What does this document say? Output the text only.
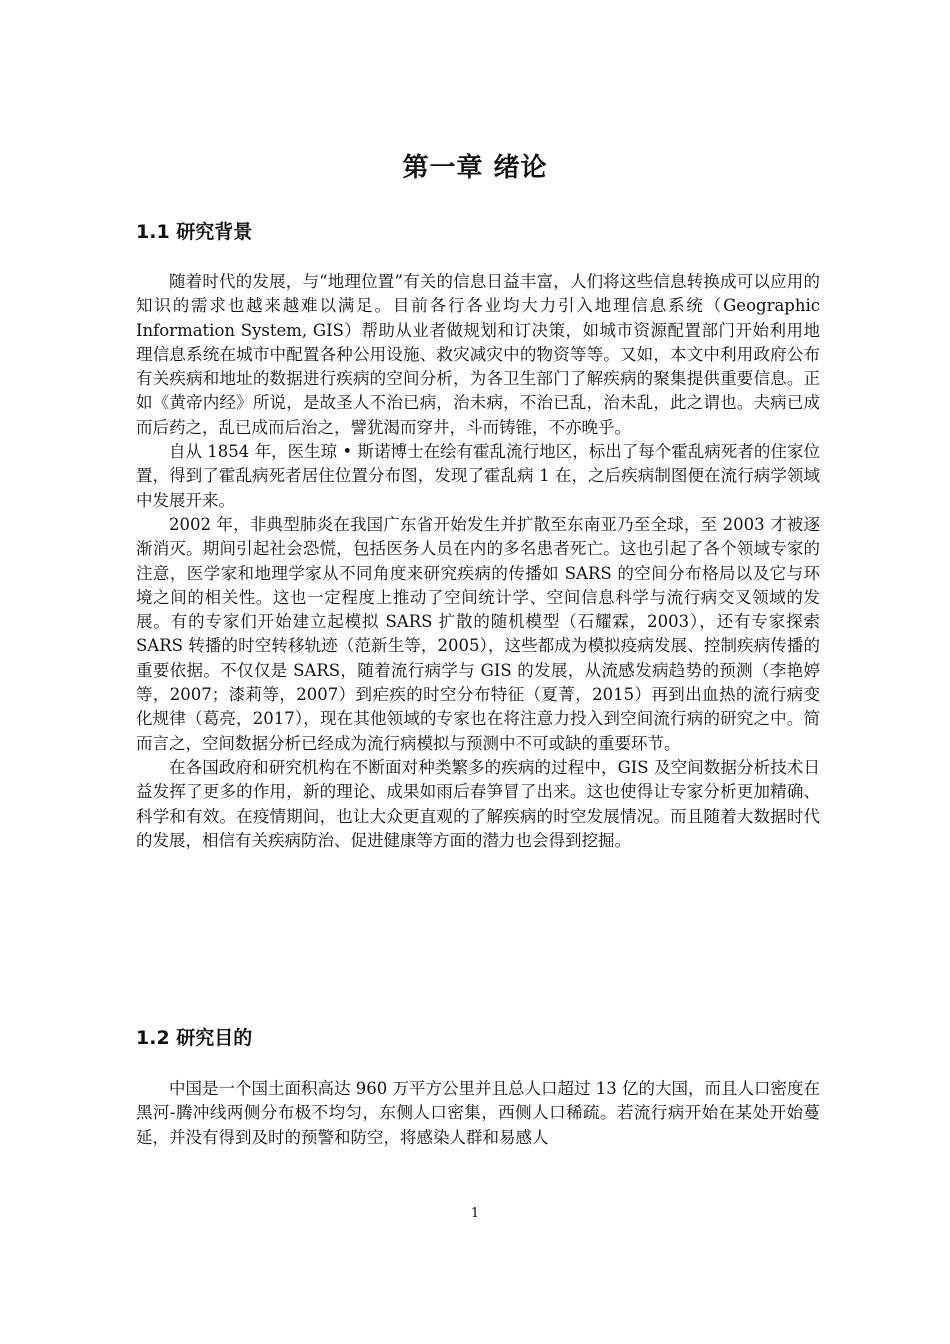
第一章 绪论
1.1 研究背景

随着时代的发展，与“地理位置”有关的信息日益丰富，人们将这些信息转换成可以应用的知识的需求也越来越难以满足。目前各行各业均大力引入地理信息系统（Geographic Information System, GIS）帮助从业者做规划和订决策，如城市资源配置部门开始利用地理信息系统在城市中配置各种公用设施、救灾减灾中的物资等等。又如，本文中利用政府公布有关疾病和地址的数据进行疾病的空间分析，为各卫生部门了解疾病的聚集提供重要信息。正如《黄帝内经》所说，是故圣人不治已病，治未病，不治已乱，治未乱，此之谓也。夫病已成而后药之，乱已成而后治之，譬犹渴而穿井，斗而铸锥，不亦晚乎。

自从 1854 年，医生琼 • 斯诺博士在绘有霍乱流行地区，标出了每个霍乱病死者的住家位置，得到了霍乱病死者居住位置分布图，发现了霍乱病 1 在，之后疾病制图便在流行病学领域中发展开来。

2002 年，非典型肺炎在我国广东省开始发生并扩散至东南亚乃至全球，至 2003 才被逐渐消灭。期间引起社会恐慌，包括医务人员在内的多名患者死亡。这也引起了各个领域专家的注意，医学家和地理学家从不同角度来研究疾病的传播如 SARS 的空间分布格局以及它与环境之间的相关性。这也一定程度上推动了空间统计学、空间信息科学与流行病交叉领域的发展。有的专家们开始建立起模拟 SARS 扩散的随机模型（石耀霖，2003），还有专家探索 SARS 转播的时空转移轨迹（范新生等，2005），这些都成为模拟疫病发展、控制疾病传播的重要依据。不仅仅是 SARS，随着流行病学与 GIS 的发展，从流感发病趋势的预测（李艳婷等，2007；漆莉等，2007）到疟疾的时空分布特征（夏菁，2015）再到出血热的流行病变化规律（葛亮，2017），现在其他领域的专家也在将注意力投入到空间流行病的研究之中。简而言之，空间数据分析已经成为流行病模拟与预测中不可或缺的重要环节。

在各国政府和研究机构在不断面对种类繁多的疾病的过程中，GIS 及空间数据分析技术日益发挥了更多的作用，新的理论、成果如雨后春笋冒了出来。这也使得让专家分析更加精确、科学和有效。在疫情期间，也让大众更直观的了解疾病的时空发展情况。而且随着大数据时代的发展，相信有关疾病防治、促进健康等方面的潜力也会得到挖掘。

1.2 研究目的

中国是一个国土面积高达 960 万平方公里并且总人口超过 13 亿的大国，而且人口密度在黑河-腾冲线两侧分布极不均匀，东侧人口密集，西侧人口稀疏。若流行病开始在某处开始蔓延，并没有得到及时的预警和防空，将感染人群和易感人

1
